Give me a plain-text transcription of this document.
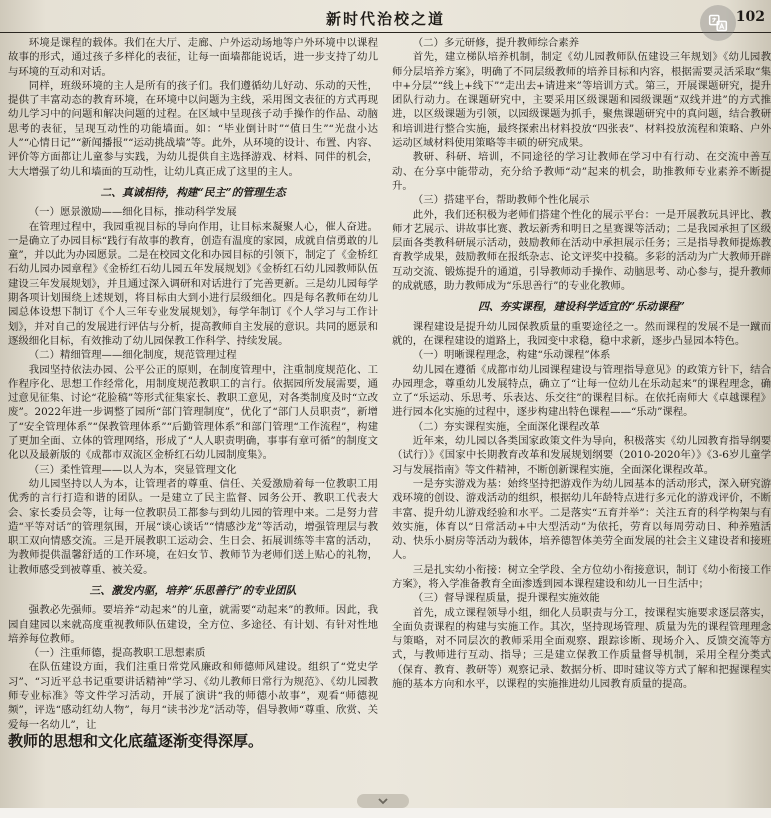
新时代治校之道	102

环境是课程的载体。我们在大厅、走廊、户外运动场地等户外环境中以课程故事的形式，通过孩子多样化的表征，让每一面墙都能说话，进一步支持了幼儿与环境的互动和对话。

同样，班级环境的主人是所有的孩子们。我们遵循幼儿好动、乐动的天性，提供了丰富动态的教育环境，在环境中以问题为主线，采用图文表征的方式再现幼儿学习中的问题和解决问题的过程。在区域中呈现孩子动手操作的作品、动脑思考的表征，呈现互动性的功能墙面。如：“毕业倒计时”“值日生”“光盘小达人”“心情日记”“新闻播报”“运动挑战墙”等。此外，从环境的设计、布置、内容、评价等方面都让儿童参与实践，为幼儿提供自主选择游戏、材料、同伴的机会，大大增强了幼儿和墙面的互动性，让幼儿真正成了这里的主人。

二、真诚相待，构建“民主”的管理生态

（一）愿景激励——细化目标，推动科学发展

在管理过程中，我园重视目标的导向作用，让目标来凝聚人心，催人奋进。一是确立了办园目标“践行有故事的教育，创造有温度的家园，成就自信勇敢的儿童”，并以此为办园愿景。二是在校园文化和办园目标的引领下，制定了《金桥红石幼儿园办园章程》《金桥红石幼儿园五年发展规划》《金桥红石幼儿园教师队伍建设三年发展规划》，并且通过深入调研和对话进行了完善更新。三是幼儿园每学期各项计划围绕上述规划，将目标由大到小进行层级细化。四是每名教师在幼儿园总体设想下制订《个人三年专业发展规划》，每学年制订《个人学习与工作计划》，并对自己的发展进行评估与分析，提高教师自主发展的意识。共同的愿景和逐级细化目标，有效推动了幼儿园保教工作科学、持续发展。

（二）精细管理——细化制度，规范管理过程

我园坚持依法办园、公平公正的原则，在制度管理中，注重制度规范化、工作程序化、思想工作经常化，用制度规范教职工的言行。依据园所发展需要，通过意见征集、讨论“花脸稿”等形式征集家长、教职工意见，对各类制度及时“立改废”。2022年进一步调整了园所“部门管理制度”，优化了“部门人员职责”，新增了“安全管理体系”“保教管理体系”“后勤管理体系”和部门管理“工作流程”，构建了更加全面、立体的管理网络，形成了“人人职责明确，事事有章可循”的制度文化以及最新版的《成都市双流区金桥红石幼儿园制度集》。

（三）柔性管理——以人为本，突显管理文化

幼儿园坚持以人为本，让管理者的尊重、信任、关爱激励着每一位教职工用优秀的言行打造和谐的团队。一是建立了民主监督、园务公开、教职工代表大会、家长委员会等，让每一位教职员工都参与到幼儿园的管理中来。二是努力营造“平等对话”的管理氛围，开展“谈心谈话”“情感沙龙”等活动，增强管理层与教职工双向情感交流。三是开展教职工运动会、生日会、拓展训练等丰富的活动，为教师提供温馨舒适的工作环境，在妇女节、教师节为老师们送上贴心的礼物，让教师感受到被尊重、被关爱。

三、激发内驱，培养“乐思善行”的专业团队

强教必先强师。要培养“动起来”的儿童，就需要“动起来”的教师。因此，我园自建园以来就高度重视教师队伍建设，全方位、多途径、有计划、有针对性地培养每位教师。

（一）注重师德，提高教职工思想素质

在队伍建设方面，我们注重日常党风廉政和师德师风建设。组织了“党史学习”、“习近平总书记重要讲话精神”学习、《幼儿教师日常行为规范》、《幼儿园教师专业标准》等文件学习活动，开展了演讲“我的师德小故事”，观看“师德视频”，评选“感动红幼人物”，每月“读书沙龙”活动等，倡导教师“尊重、欣赏、关爱每一名幼儿”，让

教师的思想和文化底蕴逐渐变得深厚。

（二）多元研修，提升教师综合素养

首先，建立梯队培养机制，制定《幼儿园教师队伍建设三年规划》《幼儿园教师分层培养方案》，明确了不同层级教师的培养目标和内容，根据需要灵活采取“集中+分层”“线上+线下”“走出去+请进来”等培训方式。第三，开展课题研究，提升团队行动力。在课题研究中，主要采用区级课题和园级课题“双线并进”的方式推进，以区级课题为引领，以园级课题为抓手，聚焦课题研究中的真问题，结合教研和培训进行整合实施，最终探索出材料投放“四张表”、材料投放流程和策略、户外运动区域材料使用策略等丰硕的研究成果。

教研、科研、培训，不同途径的学习让教师在学习中有行动、在交流中善互动、在分享中能带动，充分给予教师“动”起来的机会，助推教师专业素养不断提升。

（三）搭建平台，帮助教师个性化展示

此外，我们还积极为老师们搭建个性化的展示平台：一是开展教玩具评比、教师才艺展示、讲故事比赛、教坛新秀和明日之星赛课等活动；二是我园承担了区级层面各类教科研展示活动，鼓励教师在活动中承担展示任务；三是指导教师提炼教育教学成果，鼓励教师在报纸杂志、论文评奖中投稿。多彩的活动为广大教师开辟互动交流、锻炼提升的通道，引导教师动手操作、动脑思考、动心参与，提升教师的成就感，助力教师成为“乐思善行”的专业化教师。

四、夯实课程，建设科学适宜的“乐动课程”

课程建设是提升幼儿园保教质量的重要途径之一。然而课程的发展不是一蹴而就的，在课程建设的道路上，我园变中求稳，稳中求新，逐步凸显园本特色。

（一）明晰课程理念，构建“乐动课程”体系

幼儿园在遵循《成都市幼儿园课程建设与管理指导意见》的政策方针下，结合办园理念，尊重幼儿发展特点，确立了“让每一位幼儿在乐动起来”的课程理念，确立了“乐运动、乐思考、乐表达、乐交往”的课程目标。在依托南师大《卓越课程》进行园本化实施的过程中，逐步构建出特色课程——“乐动”课程。

（二）夯实课程实施，全面深化课程改革

近年来，幼儿园以各类国家政策文件为导向，积极落实《幼儿园教育指导纲要（试行）》《国家中长期教育改革和发展规划纲要（2010-2020年）》《3-6岁儿童学习与发展指南》等文件精神，不断创新课程实施，全面深化课程改革。

一是夯实游戏为基：始终坚持把游戏作为幼儿园基本的活动形式，深入研究游戏环境的创设、游戏活动的组织，根据幼儿年龄特点进行多元化的游戏评价，不断丰富、提升幼儿游戏经验和水平。二是落实“五育并举”：关注五育的科学构架与有效实施，体育以“日常活动+中大型活动”为依托，劳育以每周劳动日、种养殖活动、快乐小厨房等活动为载体，培养德智体美劳全面发展的社会主义建设者和接班人。

三是扎实幼小衔接：树立全学段、全方位幼小衔接意识，制订《幼小衔接工作方案》，将入学准备教育全面渗透到园本课程建设和幼儿一日生活中；

（三）督导课程质量，提升课程实施效能

首先，成立课程领导小组，细化人员职责与分工，按课程实施要求逐层落实，全面负责课程的构建与实施工作。其次，坚持现场管理、质量为先的课程管理理念与策略，对不同层次的教师采用全面观察、跟踪诊断、现场介入、反馈交流等方式，与教师进行互动、指导；三是建立保教工作质量督导机制，采用全程分类式（保育、教育、教研等）观察记录、数据分析、即时建议等方式了解和把握课程实施的基本方向和水平，以课程的实施推进幼儿园教育质量的提高。
